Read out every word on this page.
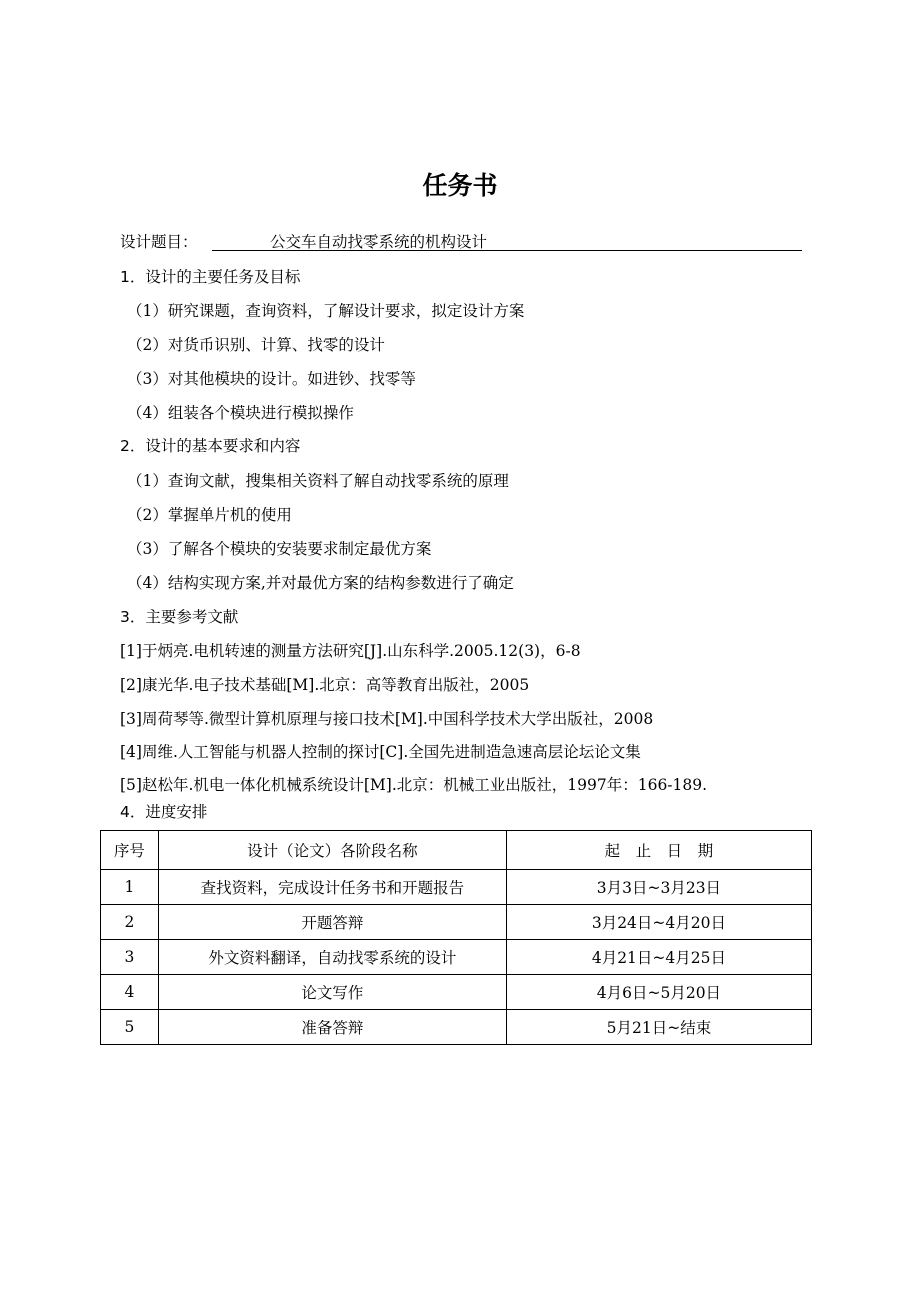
任务书
设计题目：	公交车自动找零系统的机构设计
1．设计的主要任务及目标
（1）研究课题，查询资料，了解设计要求，拟定设计方案
（2）对货币识别、计算、找零的设计
（3）对其他模块的设计。如进钞、找零等
（4）组装各个模块进行模拟操作
2．设计的基本要求和内容
（1）查询文献，搜集相关资料了解自动找零系统的原理
（2）掌握单片机的使用
（3）了解各个模块的安装要求制定最优方案
（4）结构实现方案,并对最优方案的结构参数进行了确定
3．主要参考文献
[1]于炳亮.电机转速的测量方法研究[J].山东科学.2005.12(3)，6-8
[2]康光华.电子技术基础[M].北京：高等教育出版社，2005
[3]周荷琴等.微型计算机原理与接口技术[M].中国科学技术大学出版社，2008
[4]周维.人工智能与机器人控制的探讨[C].全国先进制造急速高层论坛论文集
[5]赵松年.机电一体化机械系统设计[M].北京：机械工业出版社，1997年：166-189.
4．进度安排
序号	设计（论文）各阶段名称	起　止　日　期
1	查找资料，完成设计任务书和开题报告	3月3日~3月23日
2	开题答辩	3月24日~4月20日
3	外文资料翻译，自动找零系统的设计	4月21日~4月25日
4	论文写作	4月6日~5月20日
5	准备答辩	5月21日~结束
